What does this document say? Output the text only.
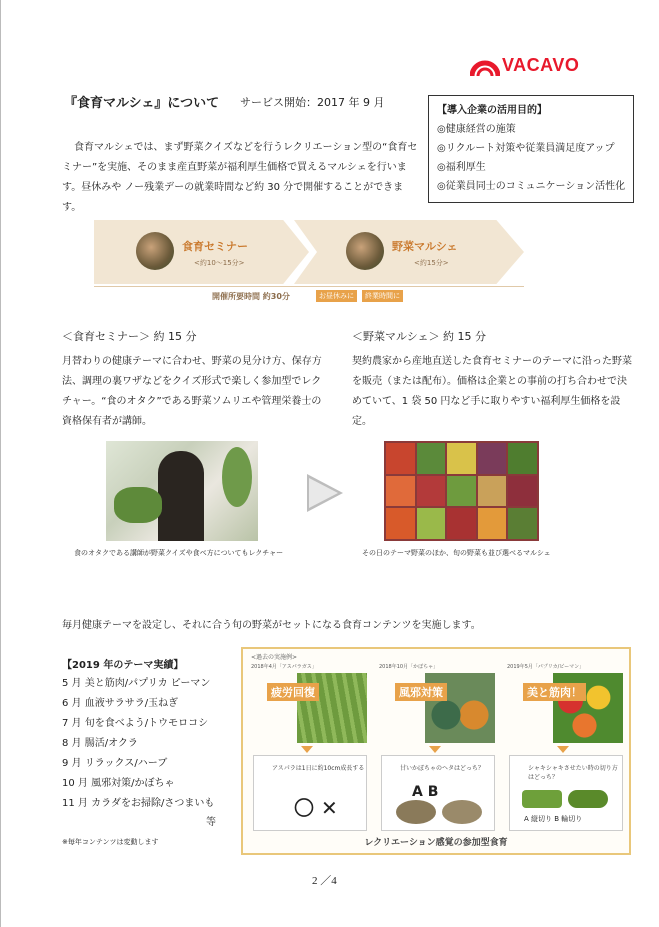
VACAVO
『食育マルシェ』について サービス開始：2017 年 9 月
【導入企業の活用目的】
◎健康経営の施策
◎リクルート対策や従業員満足度アップ
◎福利厚生
◎従業員同士のコミュニケーション活性化
食育マルシェでは、まず野菜クイズなどを行うレクリエーション型の“食育セミナー”を実施、そのまま産直野菜が福利厚生価格で買えるマルシェを行います。昼休みや ノー残業デーの就業時間など約 30 分で開催することができます。
食育セミナー
<約10～15分>
野菜マルシェ
<約15分>
開催所要時間 約30分	お昼休みに	終業時間に
＜食育セミナー＞ 約 15 分
月替わりの健康テーマに合わせ、野菜の見分け方、保存方法、調理の裏ワザなどをクイズ形式で楽しく参加型でレクチャー。“食のオタク”である野菜ソムリエや管理栄養士の資格保有者が講師。
＜野菜マルシェ＞ 約 15 分
契約農家から産地直送した食育セミナーのテーマに沿った野菜を販売（または配布）。価格は企業との事前の打ち合わせで決めていて、1 袋 50 円など手に取りやすい福利厚生価格を設定。
食のオタクである講師が野菜クイズや食べ方についてもレクチャー	その日のテーマ野菜のほか、旬の野菜も並び選べるマルシェ
毎月健康テーマを設定し、それに合う旬の野菜がセットになる食育コンテンツを実施します。
【2019 年のテーマ実績】
5 月 美と筋肉/パプリカ ピーマン
6 月 血液サラサラ/玉ねぎ
7 月 旬を食べよう/トウモロコシ
8 月 腸活/オクラ
9 月 リラックス/ハーブ
10 月 風邪対策/かぼちゃ
11 月 カラダをお掃除/さつまいも
等
※毎年コンテンツは変動します
<過去の実施例>
2018年4月「アスパラガス」
疲労回復
2018年10月「かぼちゃ」
風邪対策
2019年5月「パプリカ/ピーマン」
美と筋肉！
アスパラは1日に約10cm成長する
〇 ✕
甘いかぼちゃのヘタはどっち？
A B
シャキシャキさせたい時の切り方はどっち？
A 縦切り B 輪切り
レクリエーション感覚の参加型食育
2 ／4
